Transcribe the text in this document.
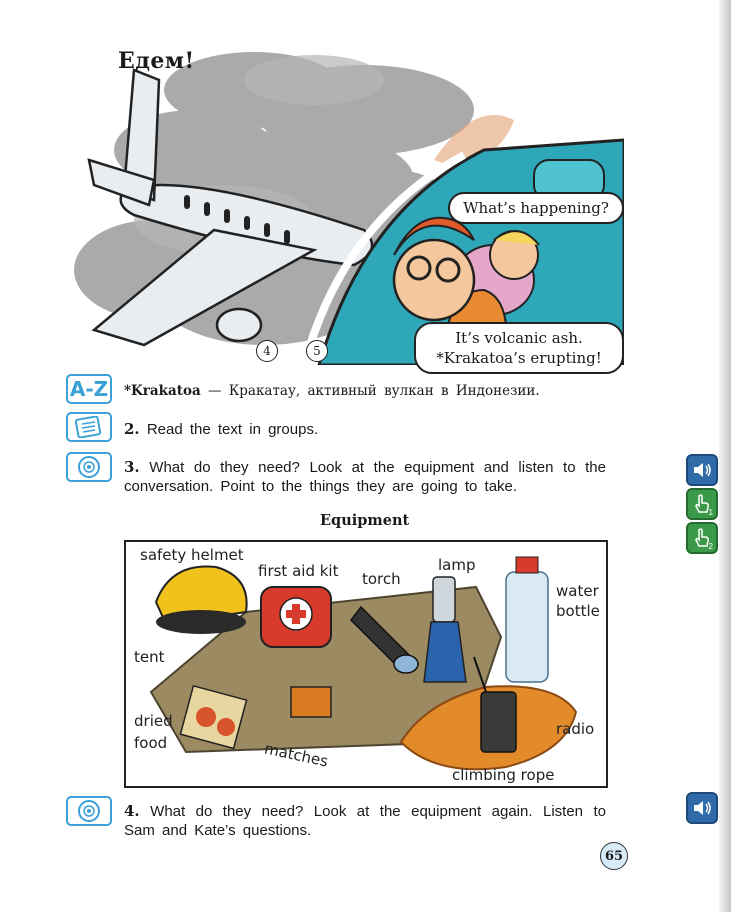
Едем!
What’s happening?
It’s volcanic ash.
*Krakatoa’s erupting!
4	5
A-Z *Krakatoa — Кракатау, активный вулкан в Индонезии.
2. Read the text in groups.
3. What do they need? Look at the equipment and listen to the conversation. Point to the things they are going to take.
Equipment
safety helmet
first aid kit torch
lamp
water
bottle
tent
dried
food	matches
radio
climbing rope
4. What do they need? Look at the equipment again. Listen to Sam and Kate’s questions.
1
2
65
